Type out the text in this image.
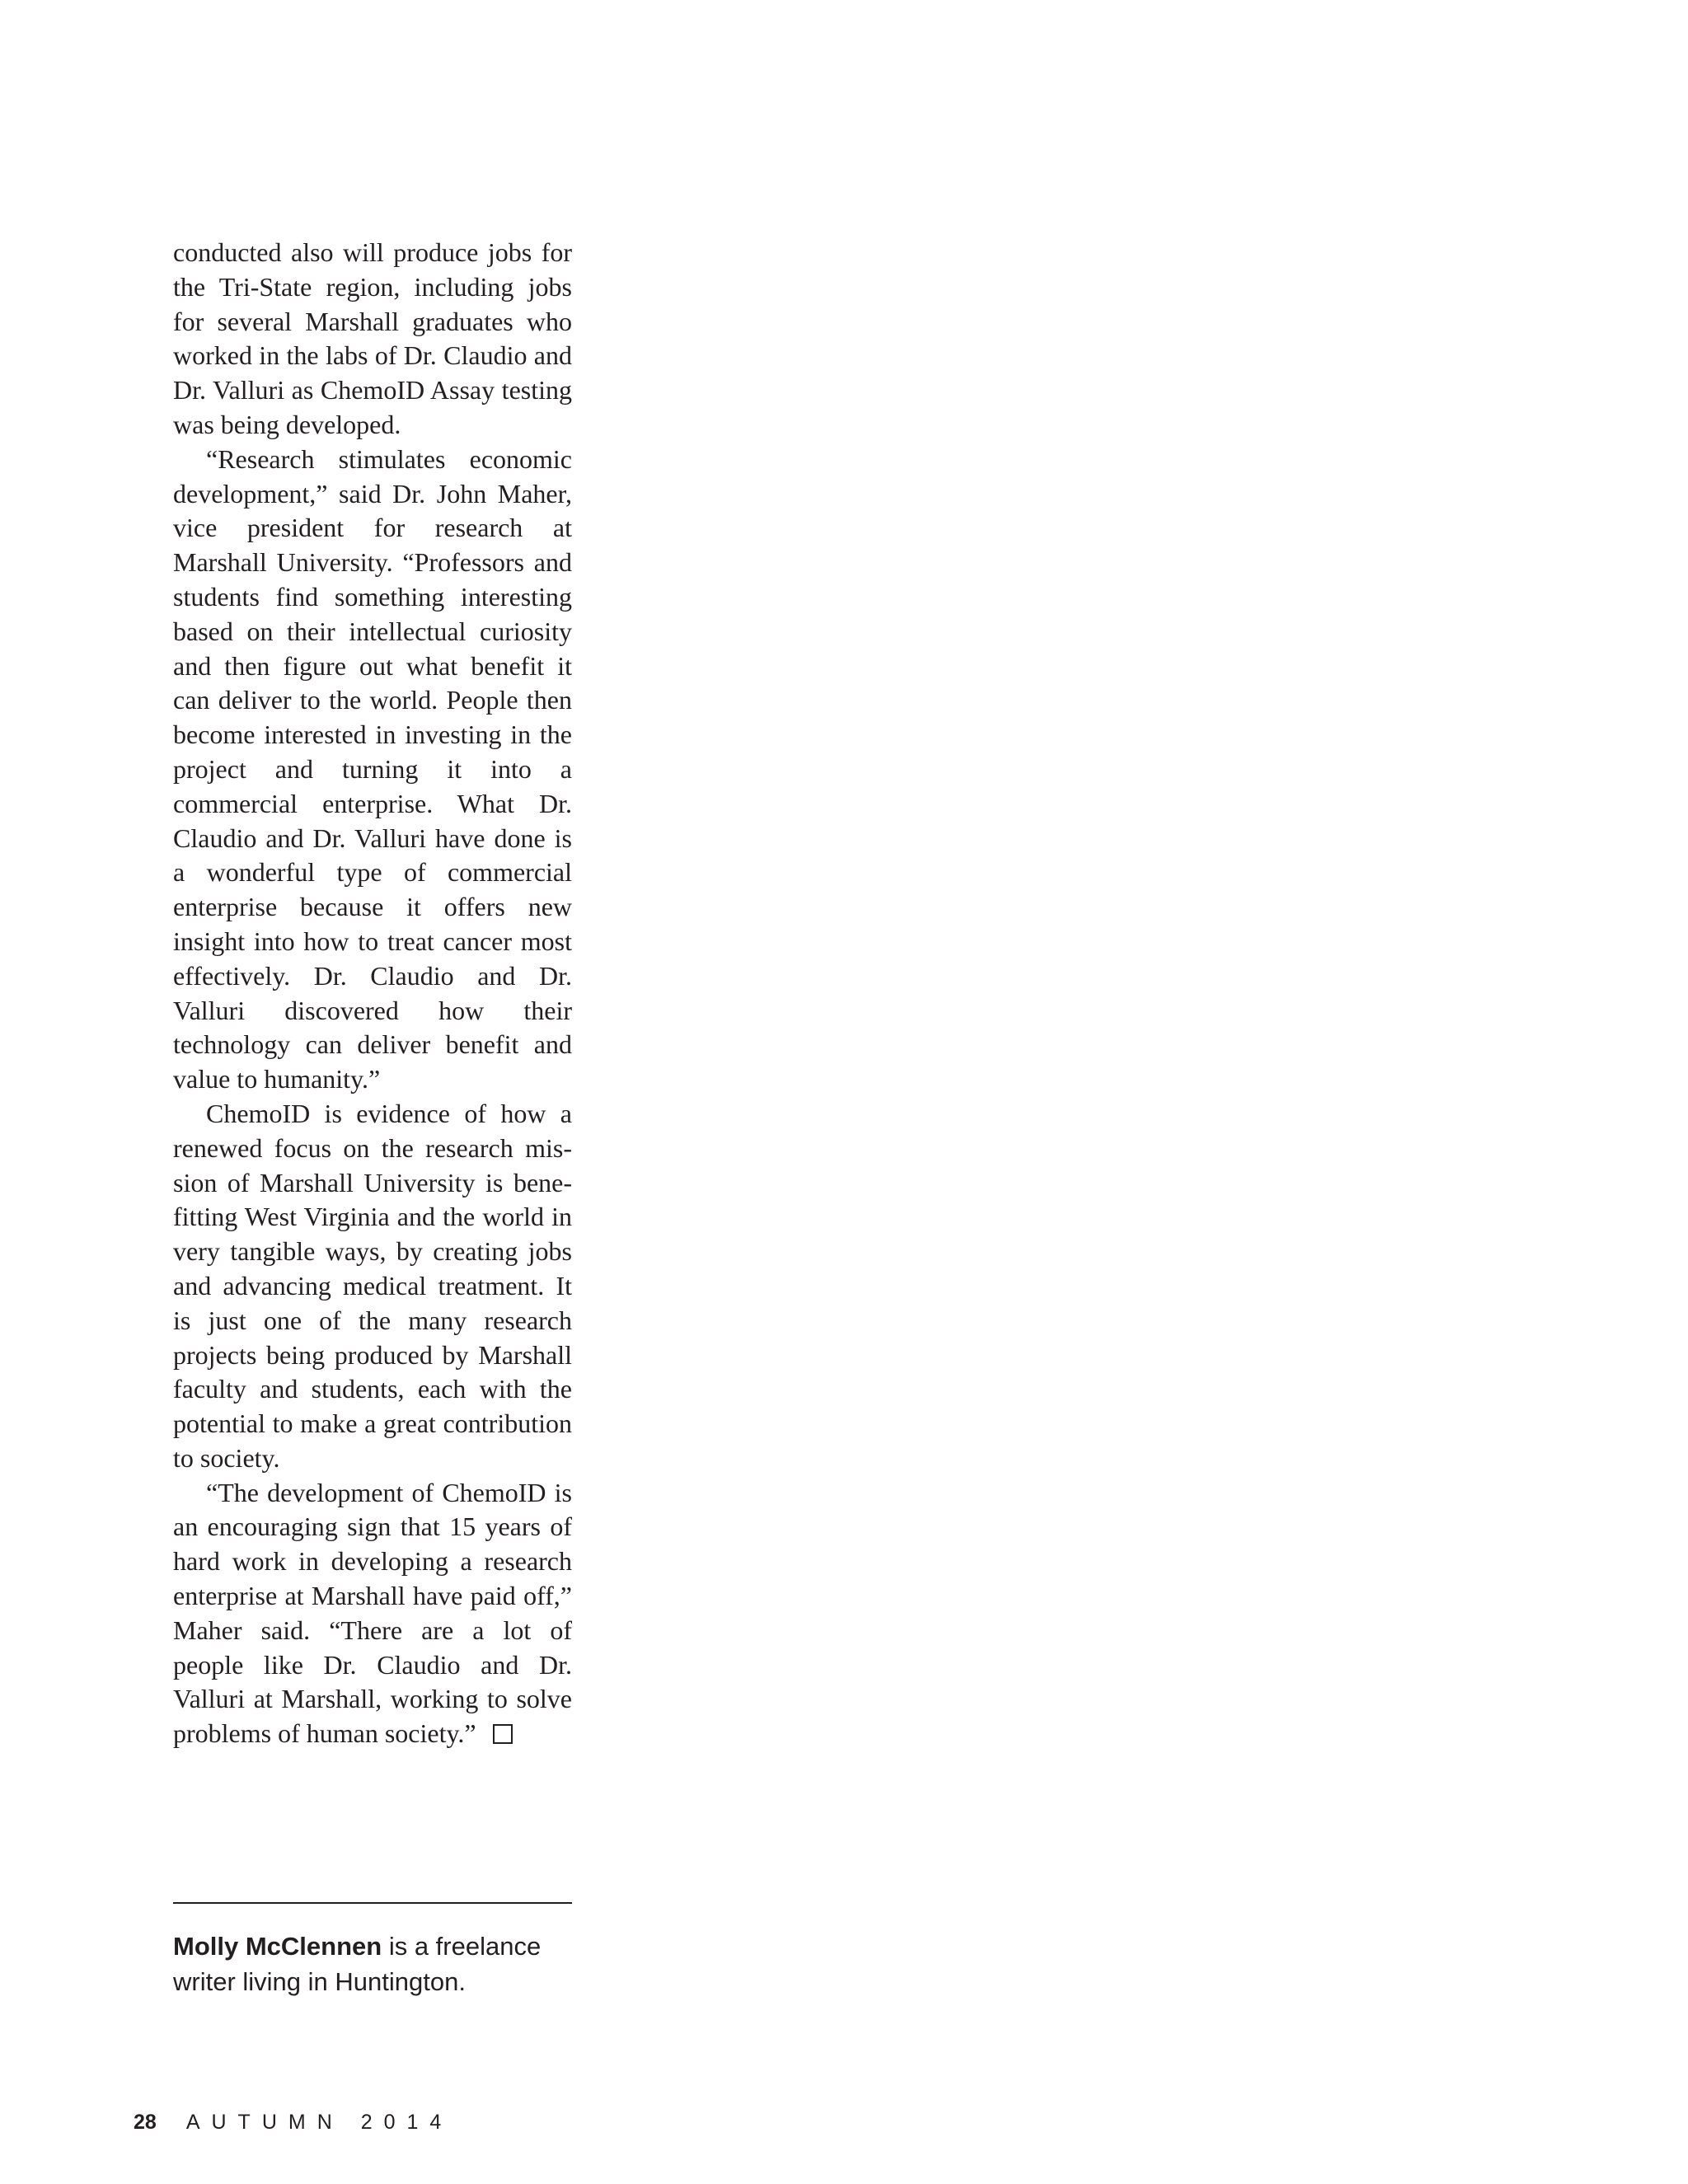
conducted also will produce jobs for the Tri-State region, including jobs for several Marshall graduates who worked in the labs of Dr. Claudio and Dr. Valluri as ChemoID Assay testing was being developed.

“Research stimulates economic development,” said Dr. John Maher, vice president for research at Marshall University. “Professors and students find something interesting based on their intellectual curiosity and then figure out what benefit it can deliver to the world. People then become interested in investing in the project and turning it into a commercial enterprise. What Dr. Claudio and Dr. Valluri have done is a wonderful type of commercial enterprise because it offers new insight into how to treat cancer most effectively. Dr. Claudio and Dr. Valluri discovered how their technology can deliver benefit and value to humanity.”

ChemoID is evidence of how a renewed focus on the research mission of Marshall University is benefitting West Virginia and the world in very tangible ways, by creating jobs and advancing medical treatment. It is just one of the many research projects being produced by Marshall faculty and students, each with the potential to make a great contribution to society.

“The development of ChemoID is an encouraging sign that 15 years of hard work in developing a research enterprise at Marshall have paid off,” Maher said. “There are a lot of people like Dr. Claudio and Dr. Valluri at Marshall, working to solve problems of human society.”

Molly McClennen is a freelance writer living in Huntington.
28 AUTUMN 2014
